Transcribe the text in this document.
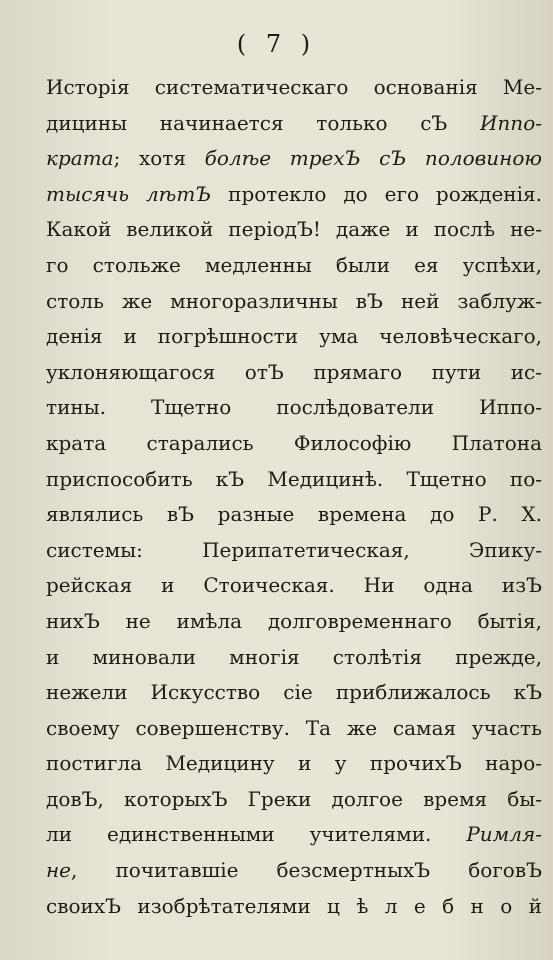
( 7 )
Исторія систематическаго основанія Ме-
дицины начинается только сЪ Иппо-
крата; хотя болѣе трехЪ сЪ половиною
тысячь лѣтЪ протекло до его рожденія.
Какой великой періодЪ! даже и послѣ не-
го стольже медленны были ея успѣхи,
столь же многоразличны вЪ ней заблуж-
денія и погрѣшности ума человѣческаго,
уклоняющагося отЪ прямаго пути ис-
тины. Тщетно послѣдователи Иппо-
крата старались Философію Платона
приспособить кЪ Медицинѣ. Тщетно по-
являлись вЪ разные времена до Р. Х.
системы: Перипатетическая, Эпику-
рейская и Стоическая. Ни одна изЪ
нихЪ не имѣла долговременнаго бытія,
и миновали многія столѣтія прежде,
нежели Искусство сіе приближалось кЪ
своему совершенству. Та же самая участь
постигла Медицину и у прочихЪ наро-
довЪ, которыхЪ Греки долгое время бы-
ли единственными учителями. Римля-
не, почитавшіе безсмертныхЪ боговЪ
своихЪ изобрѣтателями ц ѣ л е б н о й
